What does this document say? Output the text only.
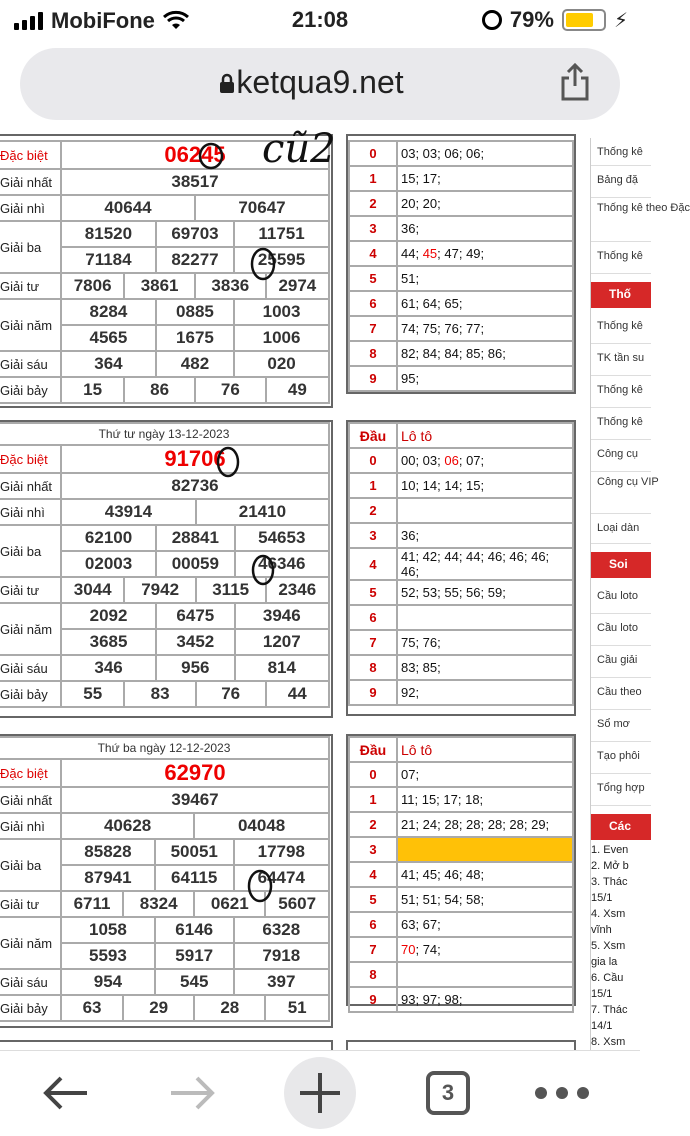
MobiFone	21:08	79%	⚡
ketqua9.net
Đặc biệt	06245					
Giải nhất	38517					
Giải nhì	40644			70647		
Giải ba	81520		69703		11751	
	71184		82277		25595	
Giải tư	7806	3861		3836		2974
Giải năm	8284		0885		1003	
	4565		1675		1006	
Giải sáu	364		482		020	
Giải bảy	15	86		76		49
0	03; 03; 06; 06;
1	15; 17;
2	20; 20;
3	36;
4	44; 45; 47; 49;
5	51;
6	61; 64; 65;
7	74; 75; 76; 77;
8	82; 84; 84; 85; 86;
9	95;
Thứ tư ngày 13-12-2023						
Đặc biệt	91706					
Giải nhất	82736					
Giải nhì	43914			21410		
Giải ba	62100		28841		54653	
	02003		00059		46346	
Giải tư	3044	7942		3115		2346
Giải năm	2092		6475		3946	
	3685		3452		1207	
Giải sáu	346		956		814	
Giải bảy	55	83		76		44
Đầu	Lô tô
0	00; 03; 06; 07;
1	10; 14; 14; 15;
2	
3	36;
4	41; 42; 44; 44; 46; 46; 46;
46;
5	52; 53; 55; 56; 59;
6	
7	75; 76;
8	83; 85;
9	92;
Thứ ba ngày 12-12-2023						
Đặc biệt	62970					
Giải nhất	39467					
Giải nhì	40628			04048		
Giải ba	85828		50051		17798	
	87941		64115		64474	
Giải tư	6711	8324		0621		5607
Giải năm	1058		6146		6328	
	5593		5917		7918	
Giải sáu	954		545		397	
Giải bảy	63	29		28		51
Đầu	Lô tô
0	07;
1	11; 15; 17; 18;
2	21; 24; 28; 28; 28; 28; 29;
3	
4	41; 45; 46; 48;
5	51; 51; 54; 58;
6	63; 67;
7	70; 74;
8	
9	93; 97; 98;
Thống kê
Bảng đặ
Thống kê theo Đặc
Thống kê
Thố
Thống kê
TK tần su
Thống kê
Thống kê
Công cụ
Công cụ VIP
Loại dàn
Soi
Cầu loto
Cầu loto
Cầu giải
Cầu theo
Sổ mơ
Tạo phôi
Tổng hợp
Các
1. Even
2. Mở b
3. Thác
15/1
4. Xsm
vĩnh
5. Xsm
gia la
6. Cầu
15/1
7. Thác
14/1
8. Xsm
cũ2
3
